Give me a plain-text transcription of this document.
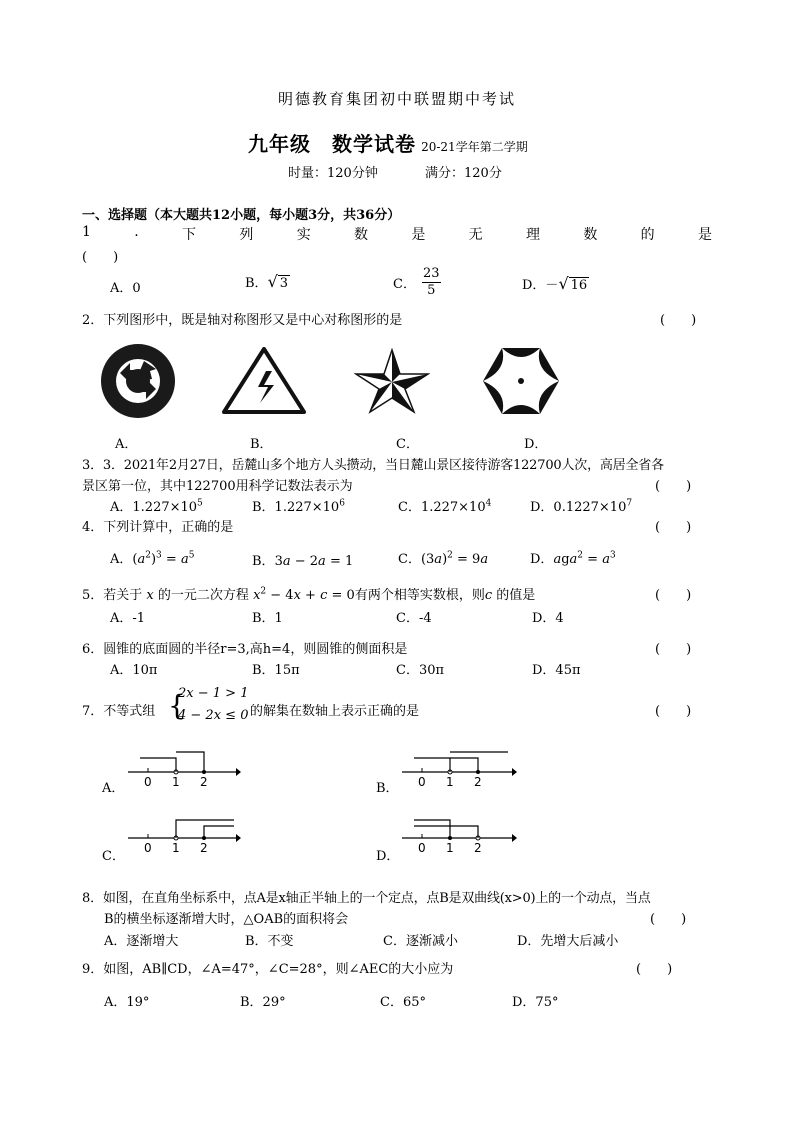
明德教育集团初中联盟期中考试
九年级　数学试卷 20-21学年第二学期
时量：120分钟	满分：120分
一、选择题（本大题共12小题，每小题3分，共36分）
1	.	下	列	实	数	是	无	理	数	的	是
(　　)
A．0	B．√ 3	C． $\frac{23}{5}$	D．－√ 16
2．下列图形中，既是轴对称图形又是中心对称图形的是	(　　)
A．	B．	C．	D．
3．3．2021年2月27日，岳麓山多个地方人头攒动，当日麓山景区接待游客122700人次，高居全省各
景区第一位，其中122700用科学记数法表示为	(　　)
A．$1.227\times 10^5$	B．$1.227\times 10^6$	C．$1.227\times 10^4$	D．$0.1227\times 10^7$
4．下列计算中，正确的是	(　　)
A．$(a^2)^3 = a^5$	B．3a − 2a = 1	C．$(3a)^2 = 9a$	D．$aga^2 = a^3$
5．若关于 x 的一元二次方程 $x^2 - 4x + c = 0$有两个相等实数根，则c 的值是	(　　)
A．-1	B．1	C．-4	D．4
6．圆锥的底面圆的半径r=3,高h=4，则圆锥的侧面积是	(　　)
A．10π	B．15π	C．30π	D．45π
7．不等式组 {
2x − 1 > 1
4 − 2x ≤ 0 的解集在数轴上表示正确的是	(　　)
A． 0 1 2	B． 0 1 2
C．
0 1 2
D．
0 1 2
8．如图，在直角坐标系中，点A是x轴正半轴上的一个定点，点B是双曲线(x>0)上的一个动点，当点
B的横坐标逐渐增大时，△OAB的面积将会	(　　)
A．逐渐增大	B．不变	C．逐渐减小	D．先增大后减小
9．如图，AB∥CD，∠A=47°，∠C=28°，则∠AEC的大小应为	(　　)
A．19°	B．29°	C．65°	D．75°
